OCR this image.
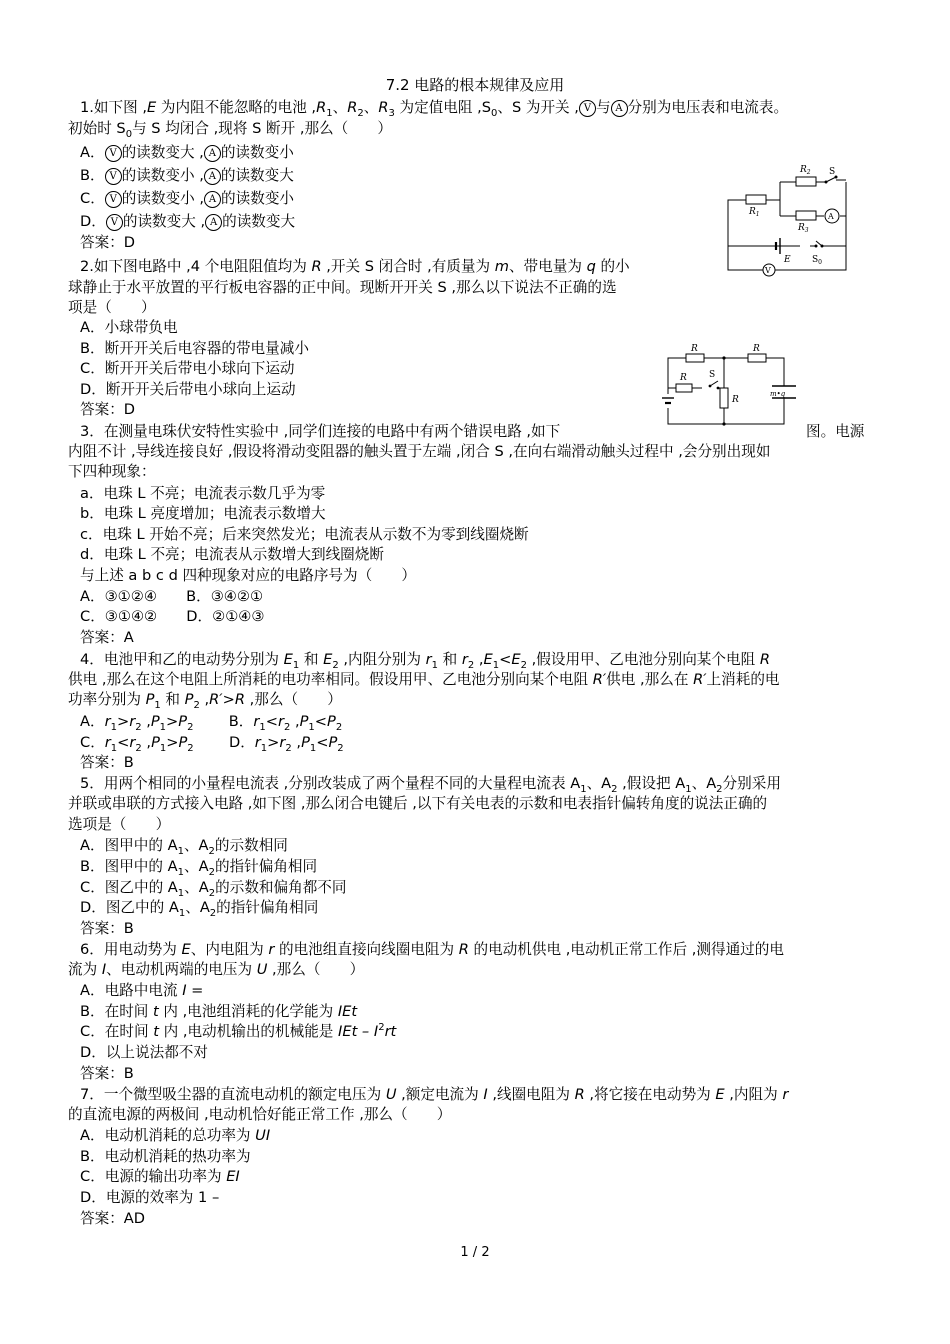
7.2 电路的根本规律及应用
1.如下图 ,E 为内阻不能忽略的电池 $,R_1$、$R_2$、$R_3$ 为定值电阻 $,S_0$、S 为开关 , V 与 A 分别为电压表和电流表。
初始时 $S_0$与 S 均闭合 ,现将 S 断开 ,那么（　　）
A． V 的读数变大 , A 的读数变小
B． V 的读数变小 , A 的读数变大
C． V 的读数变小 , A 的读数变小
D． V 的读数变大 , A 的读数变大
答案：D
$R_2$ S
$R_1$
$R_3$
A
E $S_0$
V
2.如下图电路中 ,4 个电阻阻值均为 R ,开关 S 闭合时 ,有质量为 m、带电量为 q 的小
球静止于水平放置的平行板电容器的正中间。现断开开关 S ,那么以下说法不正确的选
项是（　　）
A．小球带负电
B．断开开关后电容器的带电量减小
C．断开开关后带电小球向下运动
D．断开开关后带电小球向上运动
答案：D
R	R
R
R
S
m•q
3．在测量电珠伏安特性实验中 ,同学们连接的电路中有两个错误电路 ,如下	图。电源
内阻不计 ,导线连接良好 ,假设将滑动变阻器的触头置于左端 ,闭合 S ,在向右端滑动触头过程中 ,会分别出现如
下四种现象：
a．电珠 L 不亮；电流表示数几乎为零
b．电珠 L 亮度增加；电流表示数增大
c．电珠 L 开始不亮；后来突然发光；电流表从示数不为零到线圈烧断
d．电珠 L 不亮；电流表从示数增大到线圈烧断
与上述 a b c d 四种现象对应的电路序号为（　　）
A．③①②④　　B．③④②①
C．③①④②　　D．②①④③
答案：A
4．电池甲和乙的电动势分别为 $E_1$ 和 $E_2$ ,内阻分别为 $r_1$ 和 $r_2$ $,E_1<E_2$ ,假设用甲、乙电池分别向某个电阻 R
供电 ,那么在这个电阻上所消耗的电功率相同。假设用甲、乙电池分别向某个电阻 R′供电 ,那么在 R′上消耗的电
功率分别为 $P_1$ 和 $P_2$ ,R′>R ,那么（　　）
A．$r_1>r_2$ $,P_1>P_2$ B．$r_1<r_2$ $,P_1<P_2$
C．$r_1<r_2$ $,P_1>P_2$ D．$r_1>r_2$ $,P_1<P_2$
答案：B
5．用两个相同的小量程电流表 ,分别改装成了两个量程不同的大量程电流表 $A_1$、$A_2$ ,假设把 $A_1$、$A_2$分别采用
并联或串联的方式接入电路 ,如下图 ,那么闭合电键后 ,以下有关电表的示数和电表指针偏转角度的说法正确的
选项是（　　）
A．图甲中的 $A_1$、$A_2$的示数相同
B．图甲中的 $A_1$、$A_2$的指针偏角相同
C．图乙中的 $A_1$、$A_2$的示数和偏角都不同
D．图乙中的 $A_1$、$A_2$的指针偏角相同
答案：B
6．用电动势为 E、内电阻为 r 的电池组直接向线圈电阻为 R 的电动机供电 ,电动机正常工作后 ,测得通过的电
流为 I、电动机两端的电压为 U ,那么（　　）
A．电路中电流 I =
B．在时间 t 内 ,电池组消耗的化学能为 IEt
C．在时间 t 内 ,电动机输出的机械能是 IEt – $I^2rt$
D．以上说法都不对
答案：B
7．一个微型吸尘器的直流电动机的额定电压为 U ,额定电流为 I ,线圈电阻为 R ,将它接在电动势为 E ,内阻为 r
的直流电源的两极间 ,电动机恰好能正常工作 ,那么（　　）
A．电动机消耗的总功率为 UI
B．电动机消耗的热功率为
C．电源的输出功率为 EI
D．电源的效率为 1 –
答案：AD
1 / 2
